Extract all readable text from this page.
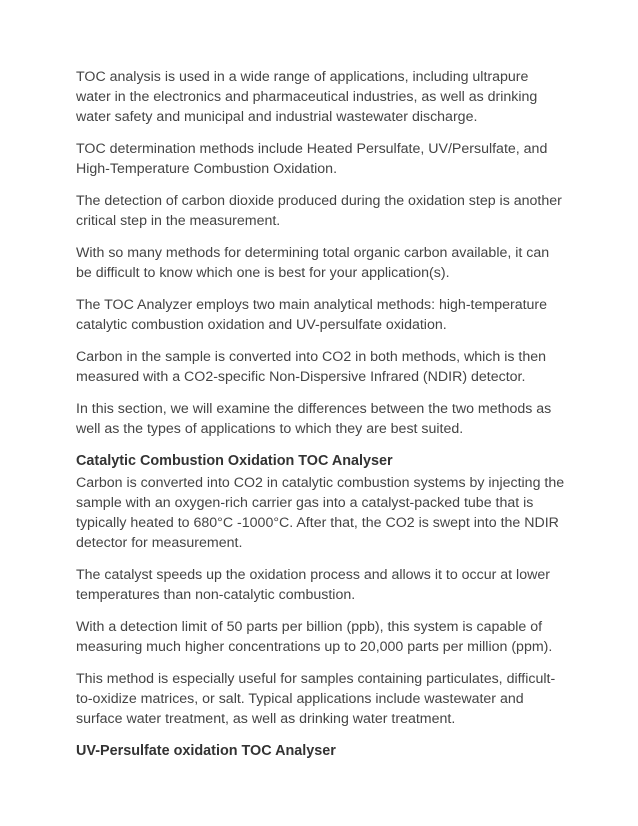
TOC analysis is used in a wide range of applications, including ultrapure water in the electronics and pharmaceutical industries, as well as drinking water safety and municipal and industrial wastewater discharge.

TOC determination methods include Heated Persulfate, UV/Persulfate, and High-Temperature Combustion Oxidation.

The detection of carbon dioxide produced during the oxidation step is another critical step in the measurement.

With so many methods for determining total organic carbon available, it can be difficult to know which one is best for your application(s).

The TOC Analyzer employs two main analytical methods: high-temperature catalytic combustion oxidation and UV-persulfate oxidation.

Carbon in the sample is converted into CO2 in both methods, which is then measured with a CO2-specific Non-Dispersive Infrared (NDIR) detector.

In this section, we will examine the differences between the two methods as well as the types of applications to which they are best suited.

Catalytic Combustion Oxidation TOC Analyser

Carbon is converted into CO2 in catalytic combustion systems by injecting the sample with an oxygen-rich carrier gas into a catalyst-packed tube that is typically heated to 680°C -1000°C. After that, the CO2 is swept into the NDIR detector for measurement.

The catalyst speeds up the oxidation process and allows it to occur at lower temperatures than non-catalytic combustion.

With a detection limit of 50 parts per billion (ppb), this system is capable of measuring much higher concentrations up to 20,000 parts per million (ppm).

This method is especially useful for samples containing particulates, difficult-to-oxidize matrices, or salt. Typical applications include wastewater and surface water treatment, as well as drinking water treatment.

UV-Persulfate oxidation TOC Analyser
